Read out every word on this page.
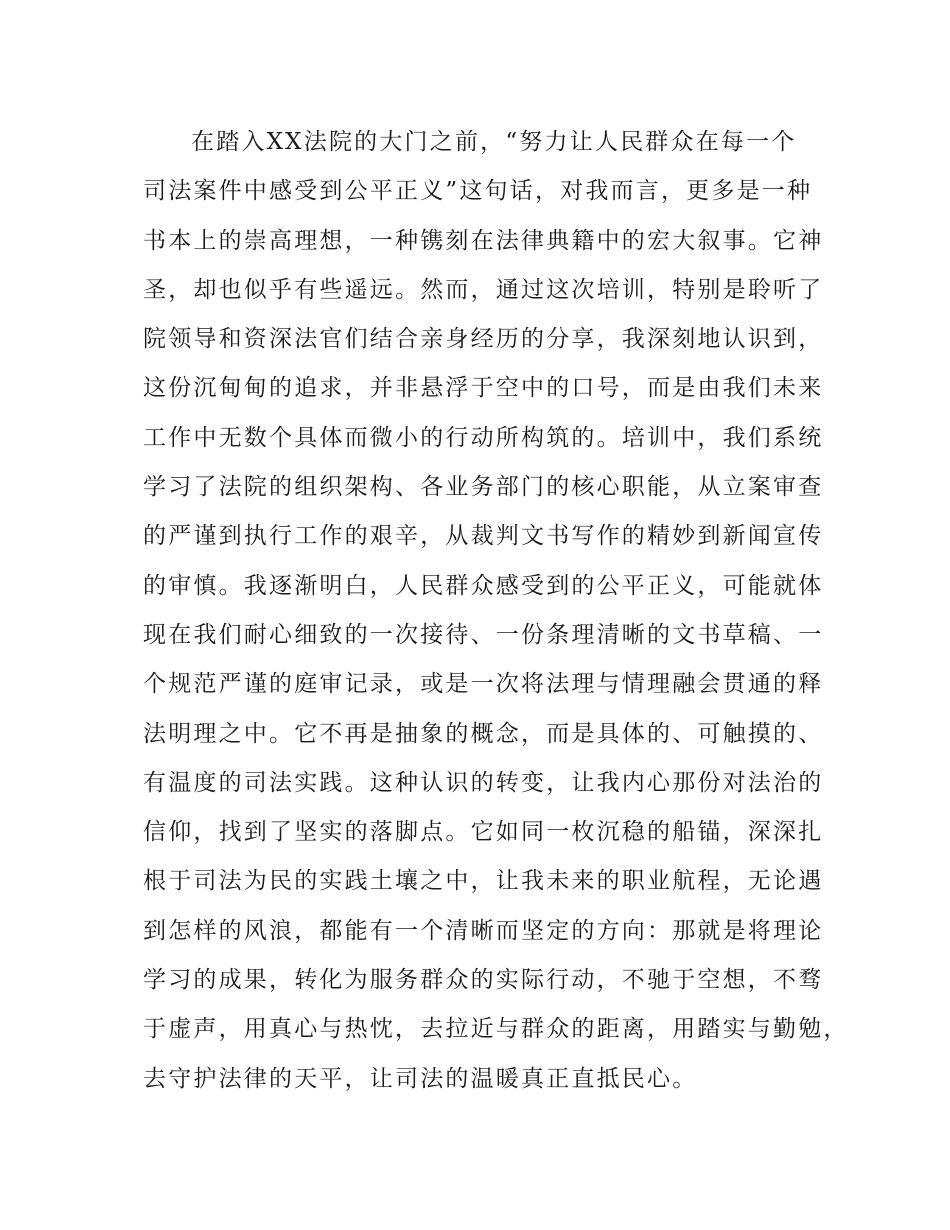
在踏入XX法院的大门之前，“努力让人民群众在每一个
司法案件中感受到公平正义”这句话，对我而言，更多是一种
书本上的崇高理想，一种镌刻在法律典籍中的宏大叙事。它神
圣，却也似乎有些遥远。然而，通过这次培训，特别是聆听了
院领导和资深法官们结合亲身经历的分享，我深刻地认识到，
这份沉甸甸的追求，并非悬浮于空中的口号，而是由我们未来
工作中无数个具体而微小的行动所构筑的。培训中，我们系统
学习了法院的组织架构、各业务部门的核心职能，从立案审查
的严谨到执行工作的艰辛，从裁判文书写作的精妙到新闻宣传
的审慎。我逐渐明白，人民群众感受到的公平正义，可能就体
现在我们耐心细致的一次接待、一份条理清晰的文书草稿、一
个规范严谨的庭审记录，或是一次将法理与情理融会贯通的释
法明理之中。它不再是抽象的概念，而是具体的、可触摸的、
有温度的司法实践。这种认识的转变，让我内心那份对法治的
信仰，找到了坚实的落脚点。它如同一枚沉稳的船锚，深深扎
根于司法为民的实践土壤之中，让我未来的职业航程，无论遇
到怎样的风浪，都能有一个清晰而坚定的方向：那就是将理论
学习的成果，转化为服务群众的实际行动，不驰于空想，不骛
于虚声，用真心与热忱，去拉近与群众的距离，用踏实与勤勉，
去守护法律的天平，让司法的温暖真正直抵民心。
